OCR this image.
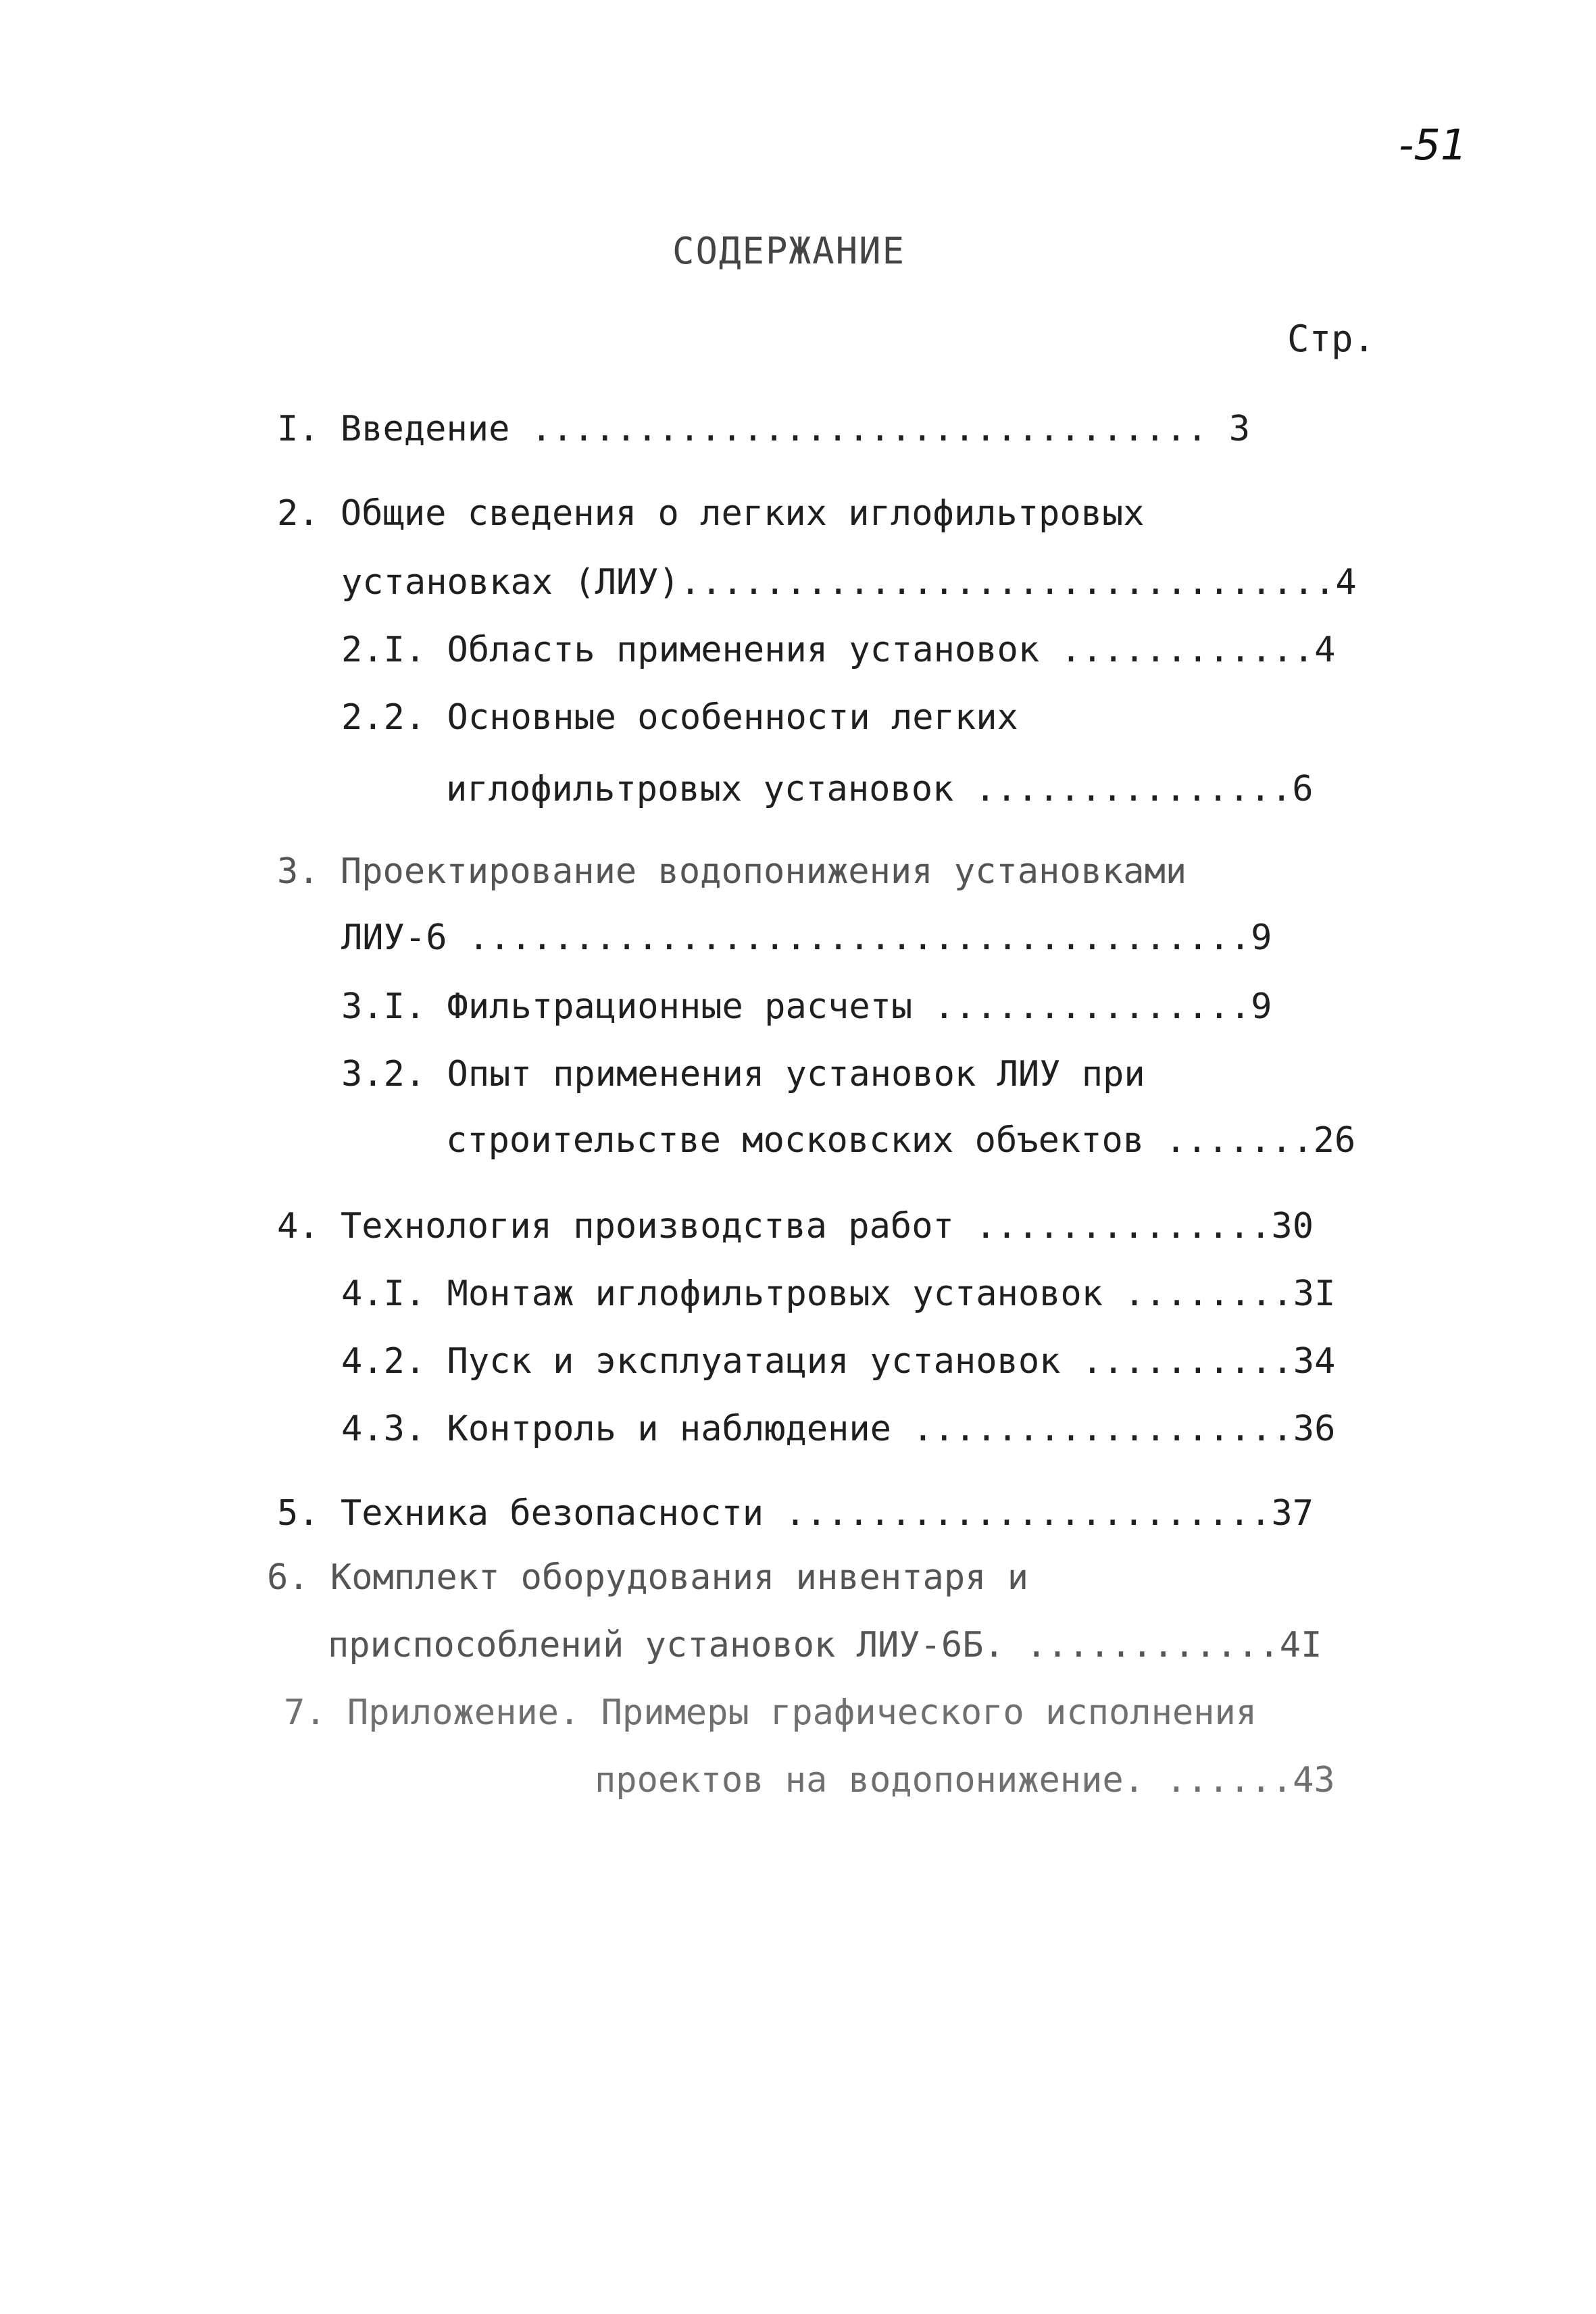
-51
СОДЕРЖАНИЕ
Стр.
I. Введение ................................ 3
2. Общие сведения о легких иглофильтровых
установках (ЛИУ)...............................4
2.I. Область применения установок ............4
2.2. Основные особенности легких
иглофильтровых установок ...............6
3. Проектирование водопонижения установками
ЛИУ-6 .....................................9
3.I. Фильтрационные расчеты ...............9
3.2. Опыт применения установок ЛИУ при
строительстве московских объектов .......26
4. Технология производства работ ..............30
4.I. Монтаж иглофильтровых установок ........3I
4.2. Пуск и эксплуатация установок ..........34
4.3. Контроль и наблюдение ..................36
5. Техника безопасности .......................37
6. Комплект оборудования инвентаря и
приспособлений установок ЛИУ-6Б. ............4I
7. Приложение. Примеры графического исполнения
проектов на водопонижение. ......43
